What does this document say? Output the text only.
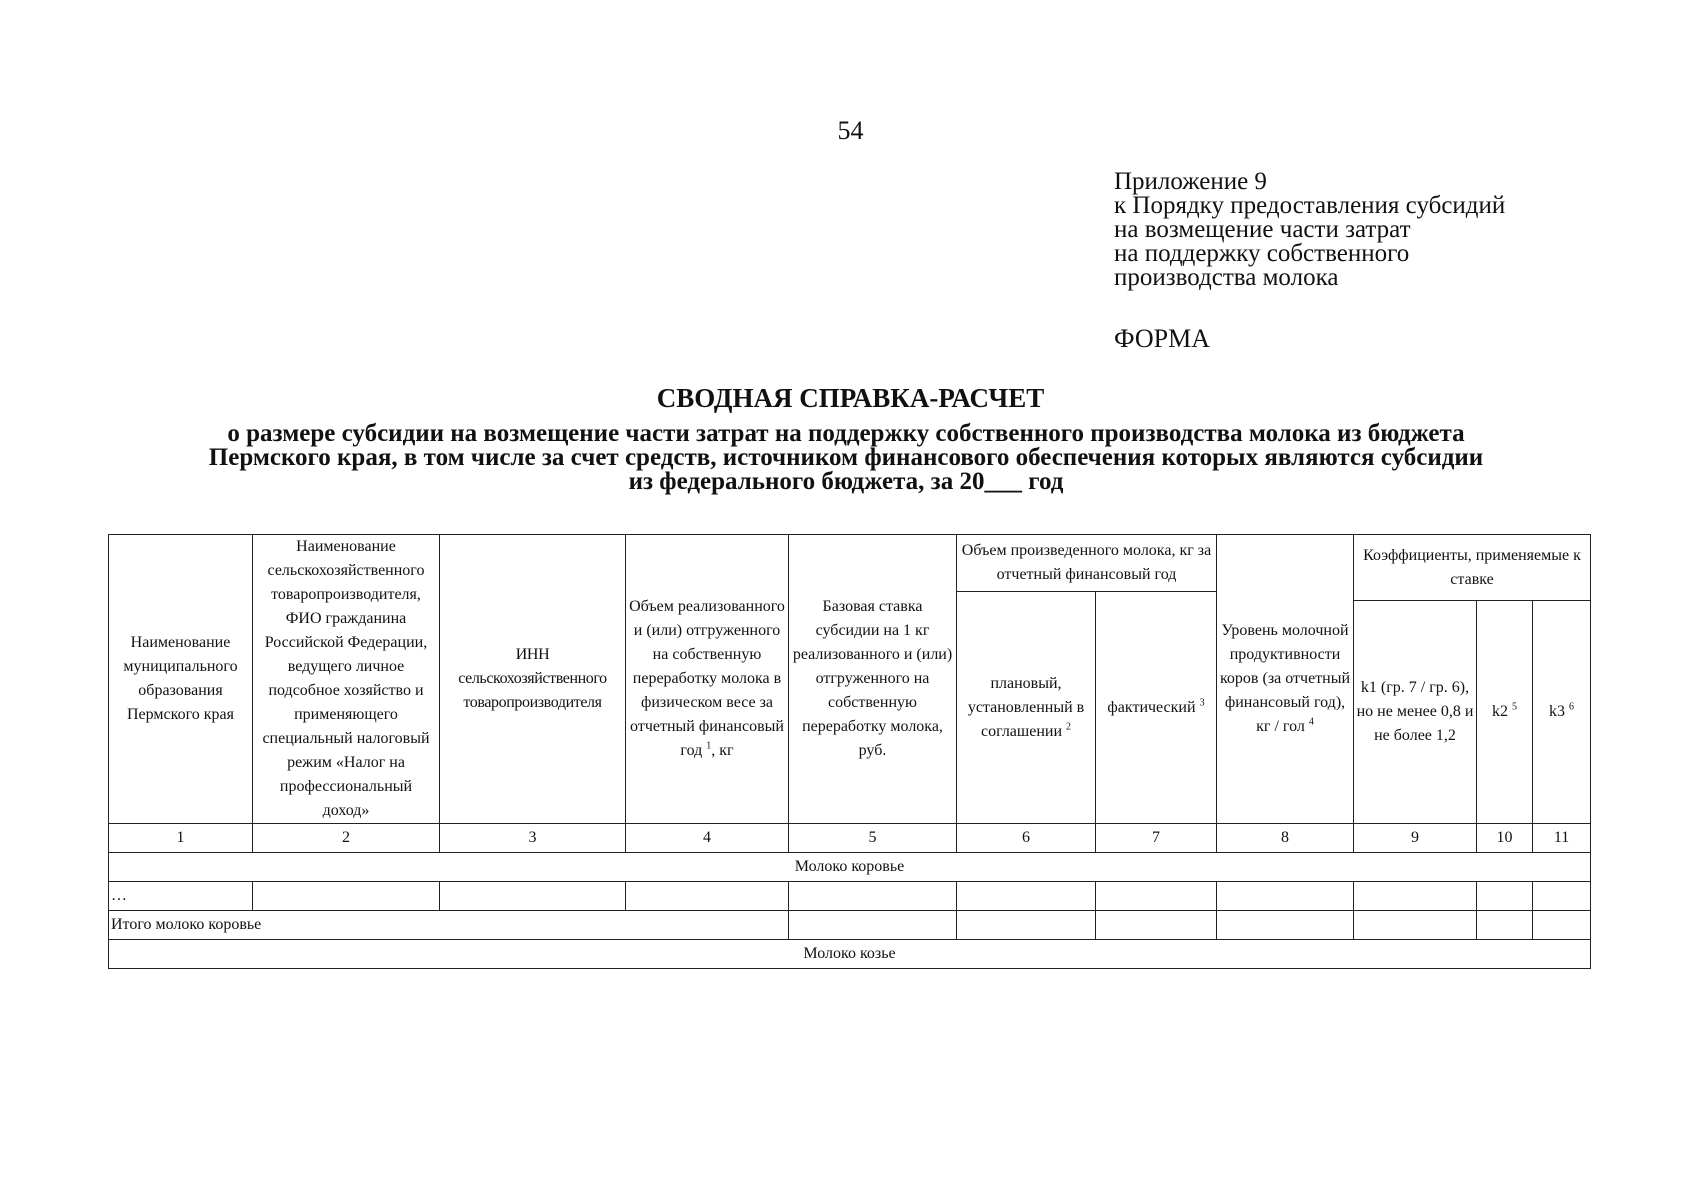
54
Приложение 9
к Порядку предоставления субсидий
на возмещение части затрат
на поддержку собственного
производства молока
ФОРМА
СВОДНАЯ СПРАВКА-РАСЧЕТ
о размере субсидии на возмещение части затрат на поддержку собственного производства молока из бюджета
Пермского края, в том числе за счет средств, источником финансового обеспечения которых являются субсидии
из федерального бюджета, за 20___ год
Наименование муниципального образования Пермского края	Наименование сельскохозяйственного товаропроизводителя, ФИО гражданина Российской Федерации, ведущего личное подсобное хозяйство и применяющего специальный налоговый режим «Налог на профессиональный доход»	ИНН сельскохозяйственного товаропроизводителя	Объем реализованного и (или) отгруженного на собственную переработку молока в физическом весе за отчетный финансовый год $^1$, кг	Базовая ставка субсидии на 1 кг реализованного и (или) отгруженного на собственную переработку молока, руб.	Объем произведенного молока, кг за отчетный финансовый год		Уровень молочной продуктивности коров (за отчетный финансовый год), кг / гол $^4$	Коэффициенты, применяемые к ставке		
					плановый, установленный в соглашении $^2$	фактический $^3$
								k1 (гр. 7 / гр. 6), но не менее 0,8 и не более 1,2	k2 $^5$	k3 $^6$
1	2	3	4	5	6	7	8	9	10	11
Молоко коровье										
…										
Итого молоко коровье										
Молоко козье										
